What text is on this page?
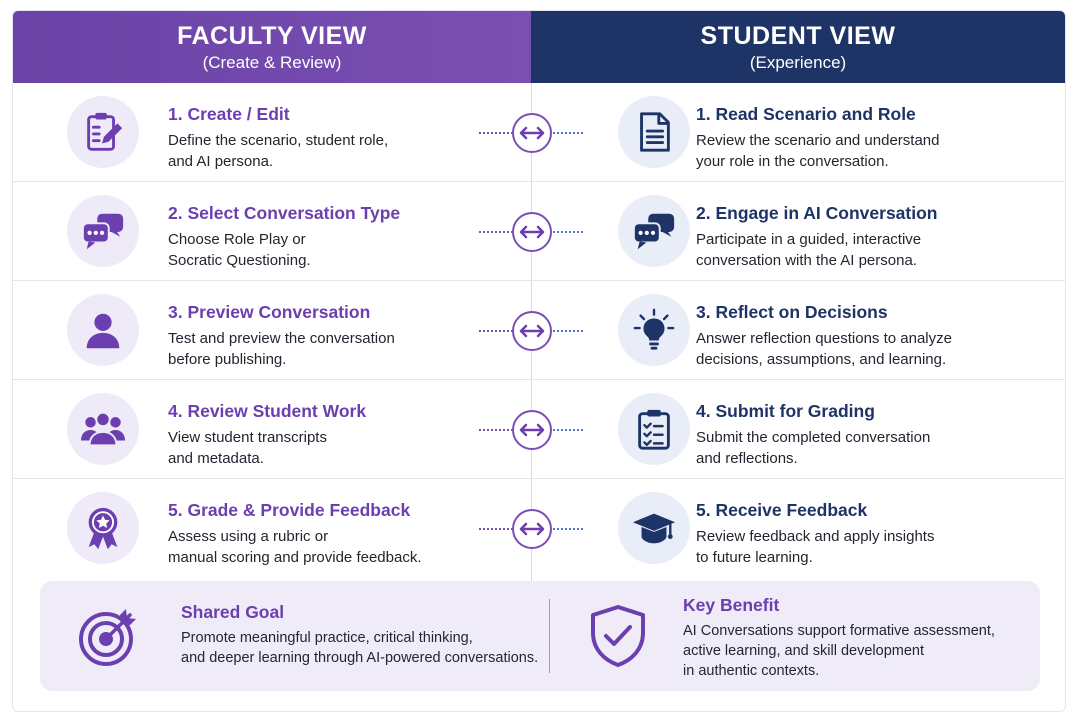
FACULTY VIEW
(Create & Review)
STUDENT VIEW
(Experience)
1. Create / Edit
Define the scenario, student role,
and AI persona.
1. Read Scenario and Role
Review the scenario and understand
your role in the conversation.
2. Select Conversation Type
Choose Role Play or
Socratic Questioning.
2. Engage in AI Conversation
Participate in a guided, interactive
conversation with the AI persona.
3. Preview Conversation
Test and preview the conversation
before publishing.
3. Reflect on Decisions
Answer reflection questions to analyze
decisions, assumptions, and learning.
4. Review Student Work
View student transcripts
and metadata.
4. Submit for Grading
Submit the completed conversation
and reflections.
5. Grade & Provide Feedback
Assess using a rubric or
manual scoring and provide feedback.
5. Receive Feedback
Review feedback and apply insights
to future learning.
Shared Goal
Promote meaningful practice, critical thinking,
and deeper learning through AI-powered conversations.
Key Benefit
AI Conversations support formative assessment,
active learning, and skill development
in authentic contexts.
